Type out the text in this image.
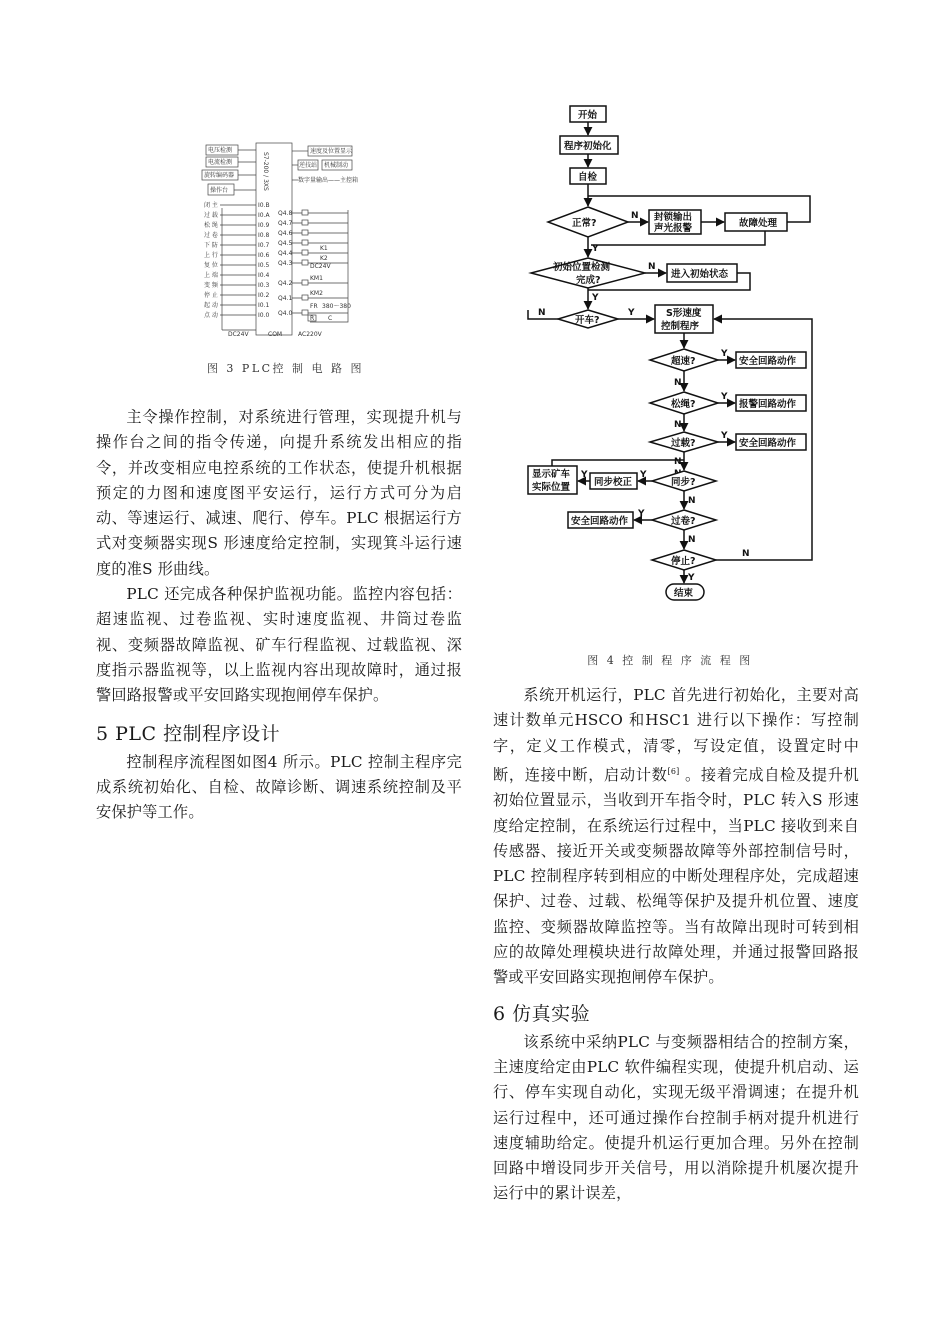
电压检测
电流检测
旋转编码器
操作台	S7-200 / 3XS
速度及位置显示
逆技站 机械制动
数字量输出——主控箱
闭 主	I0.B
过 载	I0.A
松 绳	I0.9
过 卷	I0.8
下 防	I0.7
上 行	I0.6
复 位	I0.5
上 端	I0.4
变 频	I0.3
停 止	I0.2
起 动	I0.1
点 动	I0.0
Q4.8
Q4.7
Q4.6
Q4.5
Q4.4
Q4.3
Q4.2
Q4.1
Q4.0
DC24V
K1
K2
KM1
KM2
FR 380～380
R C
DC24V	COM	AC220V
图 3 PLC控 制 电 路 图

主令操作控制，对系统进行管理，实现提升机与操作台之间的指令传递，向提升系统发出相应的指令，并改变相应电控系统的工作状态，使提升机根据预定的力图和速度图平安运行，运行方式可分为启动、等速运行、减速、爬行、停车。PLC 根据运行方式对变频器实现S 形速度给定控制，实现箕斗运行速度的准S 形曲线。

PLC 还完成各种保护监视功能。监控内容包括：超速监视、过卷监视、实时速度监视、井筒过卷监视、变频器故障监视、矿车行程监视、过载监视、深度指示器监视等，以上监视内容出现故障时，通过报警回路报警或平安回路实现抱闸停车保护。

5 PLC 控制程序设计

控制程序流程图如图4 所示。PLC 控制主程序完成系统初始化、自检、故障诊断、调速系统控制及平安保护等工作。

开始
程序初始化
自检
正常?
N 封锁输出
声光报警	故障处理
Y
初始位置检测
完成?
N
进入初始状态
Y
开车?
N	Y	S形速度
控制程序
超速?
Y
安全回路动作
N
松绳?
Y
报警回路动作
N
过载?
Y
安全回路动作
N
同步?
Y
同步校正
Y
显示矿车
实际位置
N
过卷?
Y
安全回路动作
N
停止?
N
Y
结束
图 4 控 制 程 序 流 程 图

系统开机运行，PLC 首先进行初始化，主要对高速计数单元HSCO 和HSC1 进行以下操作：写控制字，定义工作模式，清零，写设定值，设置定时中断，连接中断，启动计数[6] 。接着完成自检及提升机初始位置显示，当收到开车指令时，PLC 转入S 形速度给定控制，在系统运行过程中，当PLC 接收到来自传感器、接近开关或变频器故障等外部控制信号时，PLC 控制程序转到相应的中断处理程序处，完成超速保护、过卷、过载、松绳等保护及提升机位置、速度监控、变频器故障监控等。当有故障出现时可转到相应的故障处理模块进行故障处理，并通过报警回路报警或平安回路实现抱闸停车保护。

6 仿真实验

该系统中采纳PLC 与变频器相结合的控制方案，主速度给定由PLC 软件编程实现，使提升机启动、运行、停车实现自动化，实现无级平滑调速；在提升机运行过程中，还可通过操作台控制手柄对提升机进行速度辅助给定。使提升机运行更加合理。另外在控制回路中增设同步开关信号，用以消除提升机屡次提升运行中的累计误差，
